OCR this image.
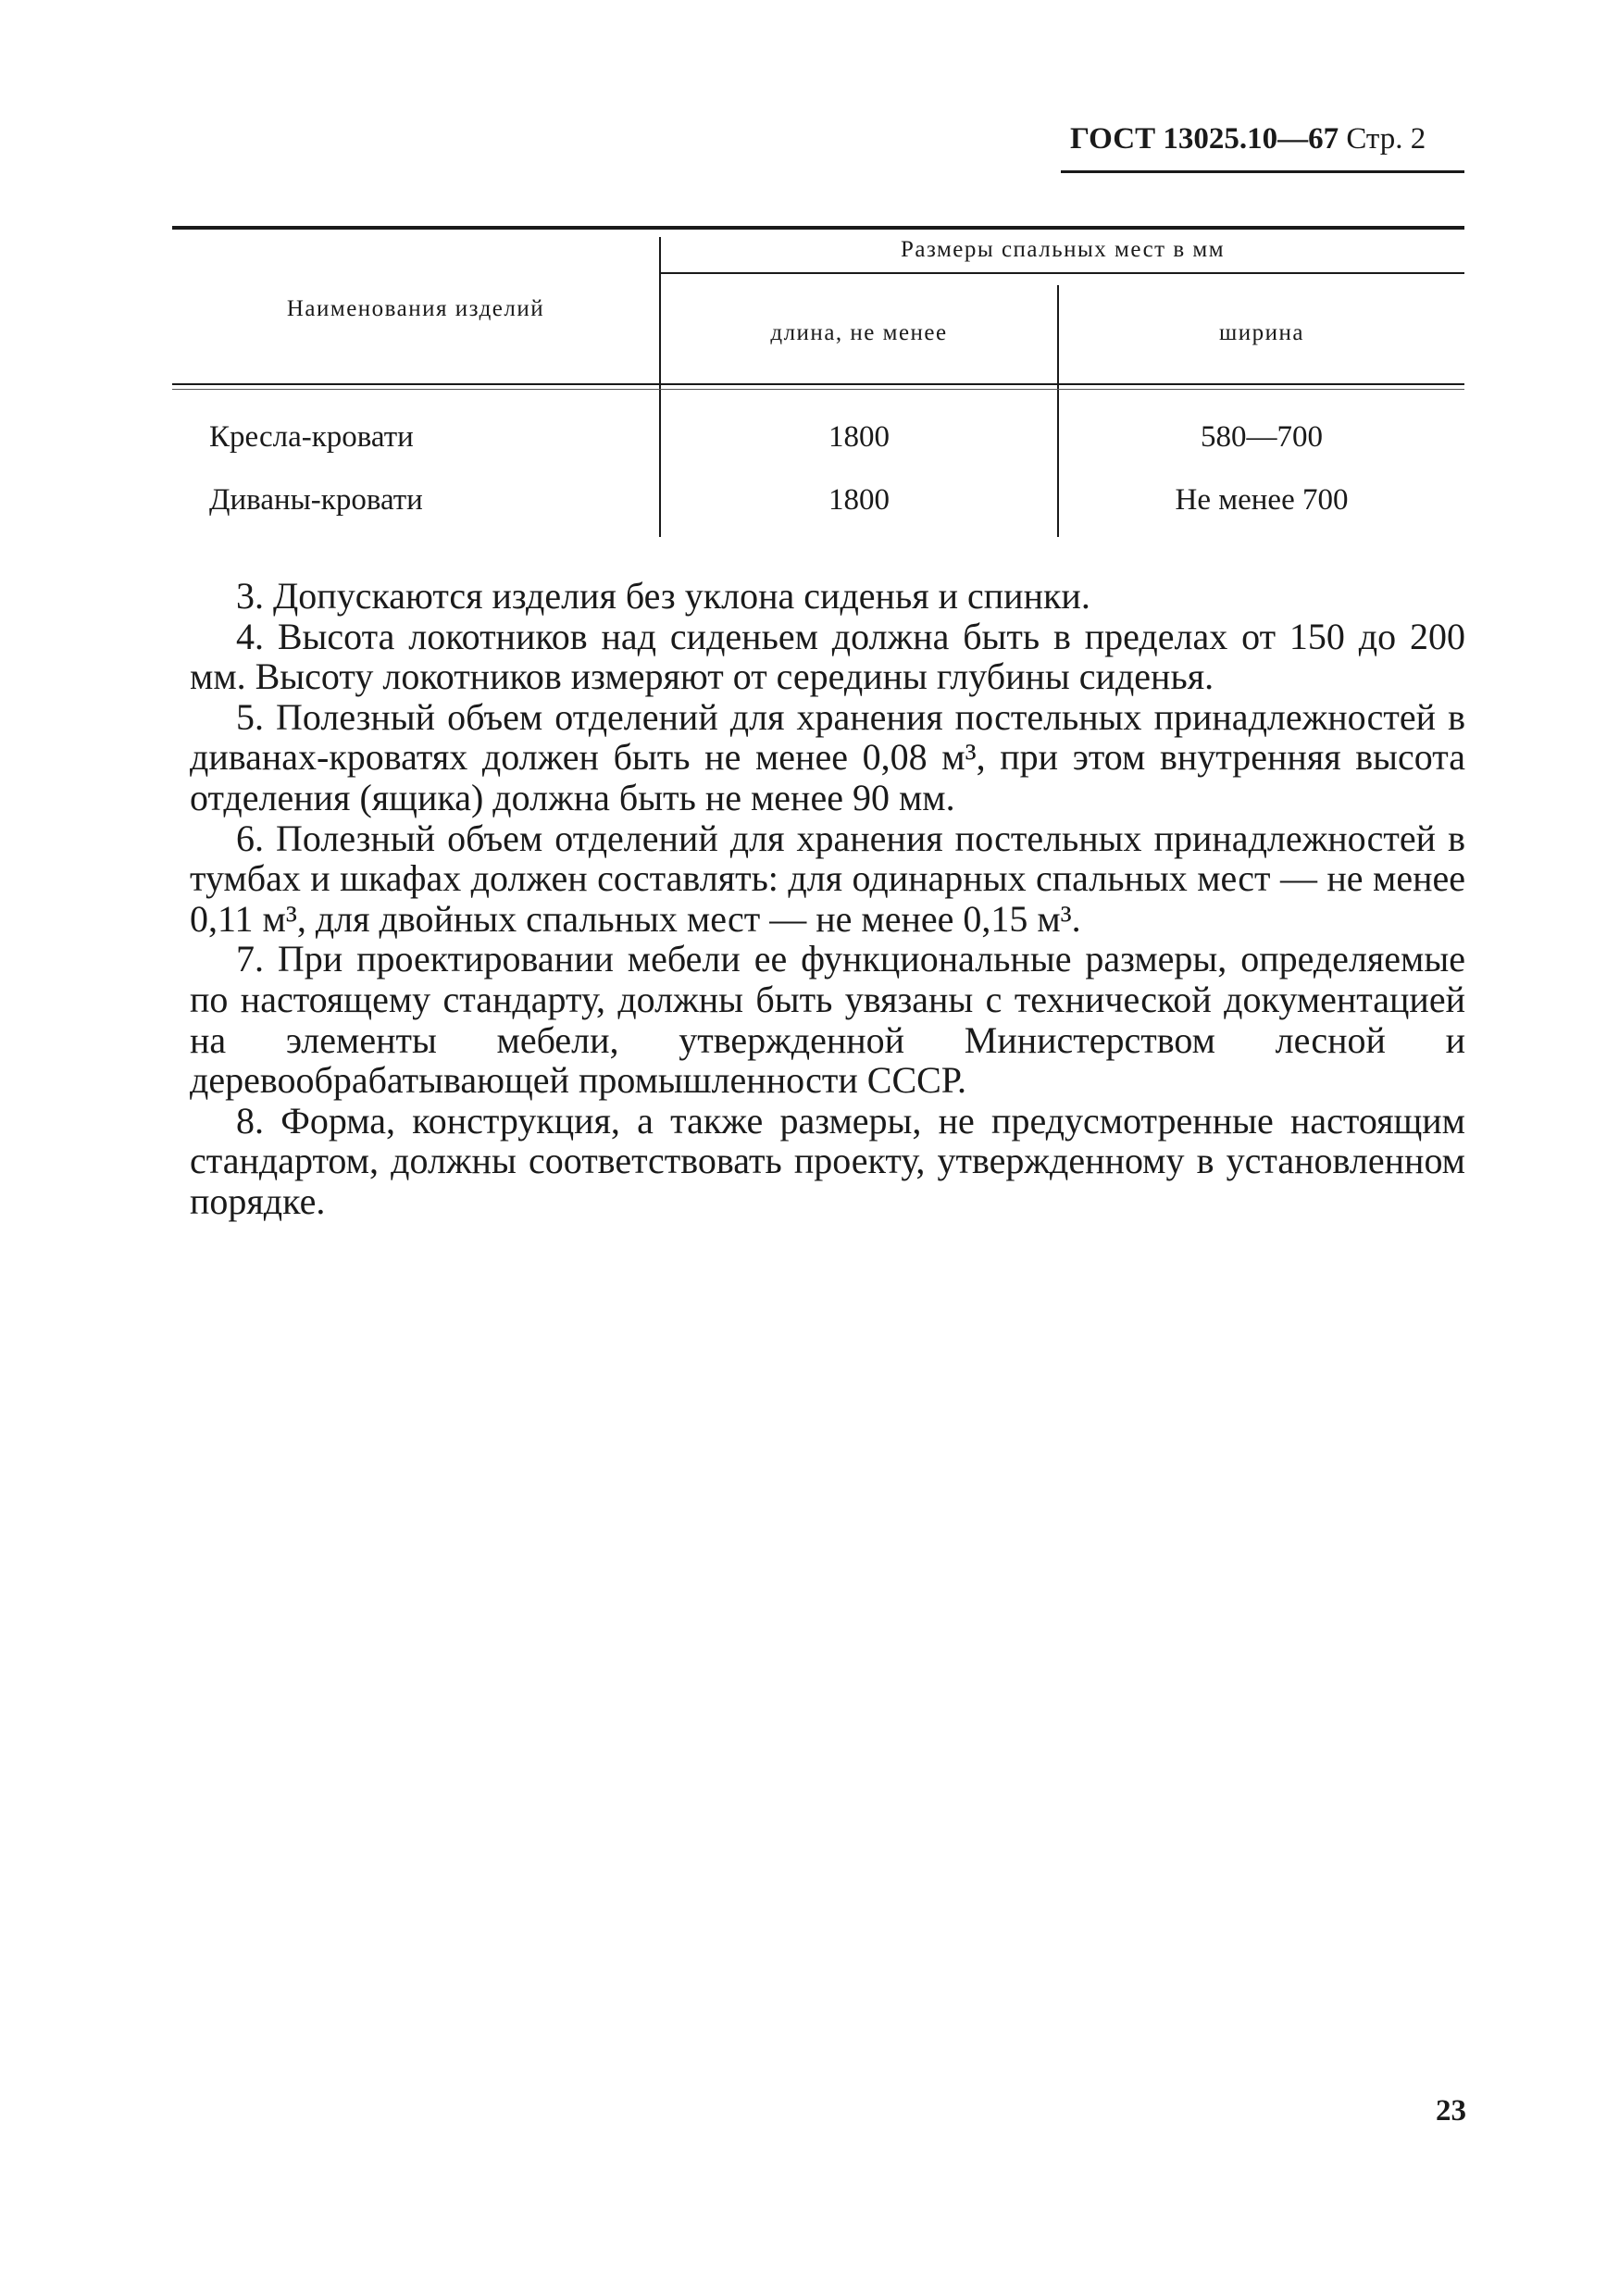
ГОСТ 13025.10—67 Стр. 2
Наименования изделий
Размеры спальных мест в мм
длина, не менее	ширина
Кресла-кровати	1800	580—700
Диваны-кровати	1800	Не менее 700

3. Допускаются изделия без уклона сиденья и спинки.

4. Высота локотников над сиденьем должна быть в пределах от 150 до 200 мм. Высоту локотников измеряют от середины глубины сиденья.

5. Полезный объем отделений для хранения постельных принадлежностей в диванах-кроватях должен быть не менее 0,08 м³, при этом внутренняя высота отделения (ящика) должна быть не менее 90 мм.

6. Полезный объем отделений для хранения постельных принадлежностей в тумбах и шкафах должен составлять: для одинарных спальных мест — не менее 0,11 м³, для двойных спальных мест — не менее 0,15 м³.

7. При проектировании мебели ее функциональные размеры, определяемые по настоящему стандарту, должны быть увязаны с технической документацией на элементы мебели, утвержденной Министерством лесной и деревообрабатывающей промышленности СССР.

8. Форма, конструкция, а также размеры, не предусмотренные настоящим стандартом, должны соответствовать проекту, утвержденному в установленном порядке.

23
